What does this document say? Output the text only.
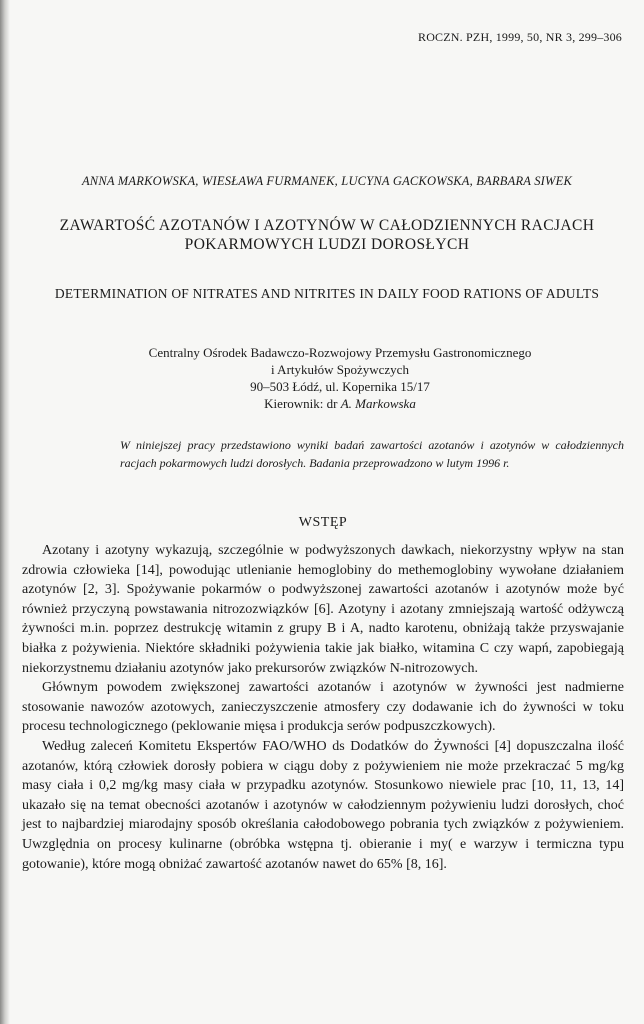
ROCZN. PZH, 1999, 50, NR 3, 299–306
ANNA MARKOWSKA, WIESŁAWA FURMANEK, LUCYNA GACKOWSKA, BARBARA SIWEK
ZAWARTOŚĆ AZOTANÓW I AZOTYNÓW W CAŁODZIENNYCH RACJACH POKARMOWYCH LUDZI DOROSŁYCH
DETERMINATION OF NITRATES AND NITRITES IN DAILY FOOD RATIONS OF ADULTS
Centralny Ośrodek Badawczo-Rozwojowy Przemysłu Gastronomicznego
i Artykułów Spożywczych
90–503 Łódź, ul. Kopernika 15/17
Kierownik: dr A. Markowska
W niniejszej pracy przedstawiono wyniki badań zawartości azotanów i azotynów w całodziennych racjach pokarmowych ludzi dorosłych. Badania przeprowadzono w lutym 1996 r.
WSTĘP

Azotany i azotyny wykazują, szczególnie w podwyższonych dawkach, niekorzystny wpływ na stan zdrowia człowieka [14], powodując utlenianie hemoglobiny do methemoglobiny wywołane działaniem azotynów [2, 3]. Spożywanie pokarmów o podwyższonej zawartości azotanów i azotynów może być również przyczyną powstawania nitrozozwiązków [6]. Azotyny i azotany zmniejszają wartość odżywczą żywności m.in. poprzez destrukcję witamin z grupy B i A, nadto karotenu, obniżają także przyswajanie białka z pożywienia. Niektóre składniki pożywienia takie jak białko, witamina C czy wapń, zapobiegają niekorzystnemu działaniu azotynów jako prekursorów związków N-nitrozowych.

Głównym powodem zwiększonej zawartości azotanów i azotynów w żywności jest nadmierne stosowanie nawozów azotowych, zanieczyszczenie atmosfery czy dodawanie ich do żywności w toku procesu technologicznego (peklowanie mięsa i produkcja serów podpuszczkowych).

Według zaleceń Komitetu Ekspertów FAO/WHO ds Dodatków do Żywności [4] dopuszczalna ilość azotanów, którą człowiek dorosły pobiera w ciągu doby z pożywieniem nie może przekraczać 5 mg/kg masy ciała i 0,2 mg/kg masy ciała w przypadku azotynów. Stosunkowo niewiele prac [10, 11, 13, 14] ukazało się na temat obecności azotanów i azotynów w całodziennym pożywieniu ludzi dorosłych, choć jest to najbardziej miarodajny sposób określania całodobowego pobrania tych związków z pożywieniem. Uwzględnia on procesy kulinarne (obróbka wstępna tj. obieranie i my( e warzyw i termiczna typu gotowanie), które mogą obniżać zawartość azotanów nawet do 65% [8, 16].
